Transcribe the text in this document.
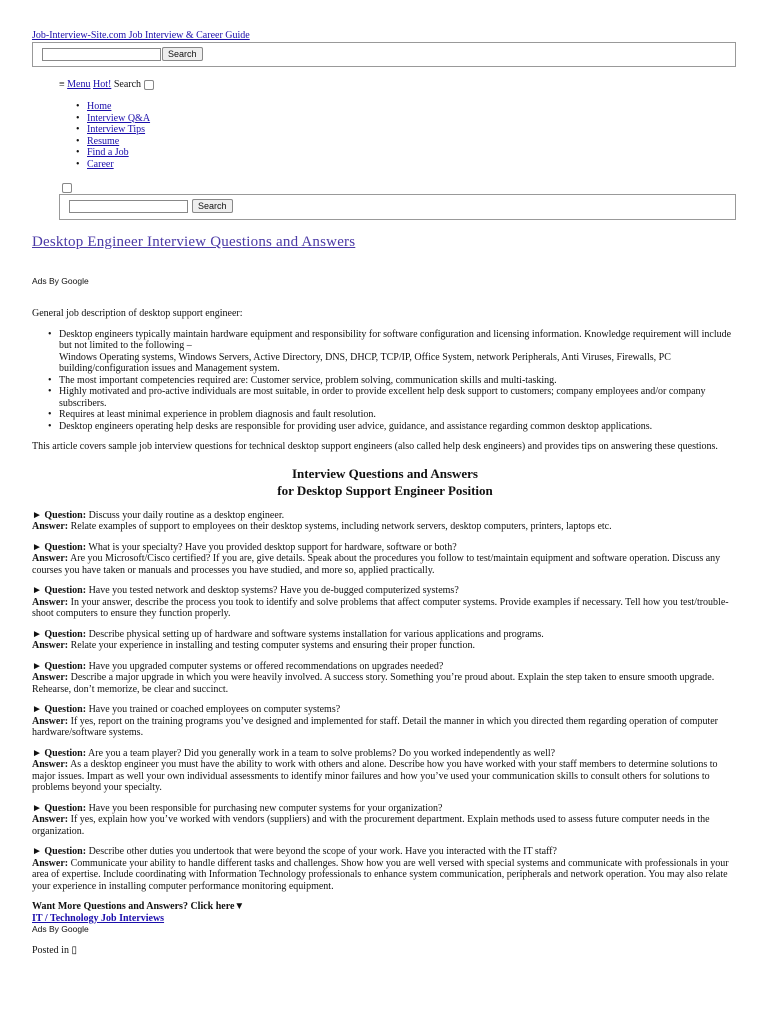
Job-Interview-Site.com Job Interview & Career Guide
Search
≡ Menu Hot! Search
• Home
• Interview Q&A
• Interview Tips
• Resume
• Find a Job
• Career
Search
Desktop Engineer Interview Questions and Answers
Ads By Google

General job description of desktop support engineer:

• Desktop engineers typically maintain hardware equipment and responsibility for software configuration and licensing information. Knowledge requirement will include but not limited to the following –
Windows Operating systems, Windows Servers, Active Directory, DNS, DHCP, TCP/IP, Office System, network Peripherals, Anti Viruses, Firewalls, PC building/configuration issues and Management system.
• The most important competencies required are: Customer service, problem solving, communication skills and multi-tasking.
• Highly motivated and pro-active individuals are most suitable, in order to provide excellent help desk support to customers; company employees and/or company subscribers.
• Requires at least minimal experience in problem diagnosis and fault resolution.
• Desktop engineers operating help desks are responsible for providing user advice, guidance, and assistance regarding common desktop applications.

This article covers sample job interview questions for technical desktop support engineers (also called help desk engineers) and provides tips on answering these questions.

Interview Questions and Answers
for Desktop Support Engineer Position
► Question: Discuss your daily routine as a desktop engineer.
Answer: Relate examples of support to employees on their desktop systems, including network servers, desktop computers, printers, laptops etc.
► Question: What is your specialty? Have you provided desktop support for hardware, software or both?
Answer: Are you Microsoft/Cisco certified? If you are, give details. Speak about the procedures you follow to test/maintain equipment and software operation. Discuss any courses you have taken or manuals and processes you have studied, and more so, applied practically.
► Question: Have you tested network and desktop systems? Have you de-bugged computerized systems?
Answer: In your answer, describe the process you took to identify and solve problems that affect computer systems. Provide examples if necessary. Tell how you test/trouble-shoot computers to ensure they function properly.
► Question: Describe physical setting up of hardware and software systems installation for various applications and programs.
Answer: Relate your experience in installing and testing computer systems and ensuring their proper function.
► Question: Have you upgraded computer systems or offered recommendations on upgrades needed?
Answer: Describe a major upgrade in which you were heavily involved. A success story. Something you’re proud about. Explain the step taken to ensure smooth upgrade. Rehearse, don’t memorize, be clear and succinct.
► Question: Have you trained or coached employees on computer systems?
Answer: If yes, report on the training programs you’ve designed and implemented for staff. Detail the manner in which you directed them regarding operation of computer hardware/software systems.
► Question: Are you a team player? Did you generally work in a team to solve problems? Do you worked independently as well?
Answer: As a desktop engineer you must have the ability to work with others and alone. Describe how you have worked with your staff members to determine solutions to major issues. Impart as well your own individual assessments to identify minor failures and how you’ve used your communication skills to consult others for solutions to problems beyond your specialty.
► Question: Have you been responsible for purchasing new computer systems for your organization?
Answer: If yes, explain how you’ve worked with vendors (suppliers) and with the procurement department. Explain methods used to assess future computer needs in the organization.
► Question: Describe other duties you undertook that were beyond the scope of your work. Have you interacted with the IT staff?
Answer: Communicate your ability to handle different tasks and challenges. Show how you are well versed with special systems and communicate with professionals in your area of expertise. Include coordinating with Information Technology professionals to enhance system communication, peripherals and network operation. You may also relate your experience in installing computer performance monitoring equipment.
Want More Questions and Answers? Click here▼
IT / Technology Job Interviews
Ads By Google
Posted in ▯
